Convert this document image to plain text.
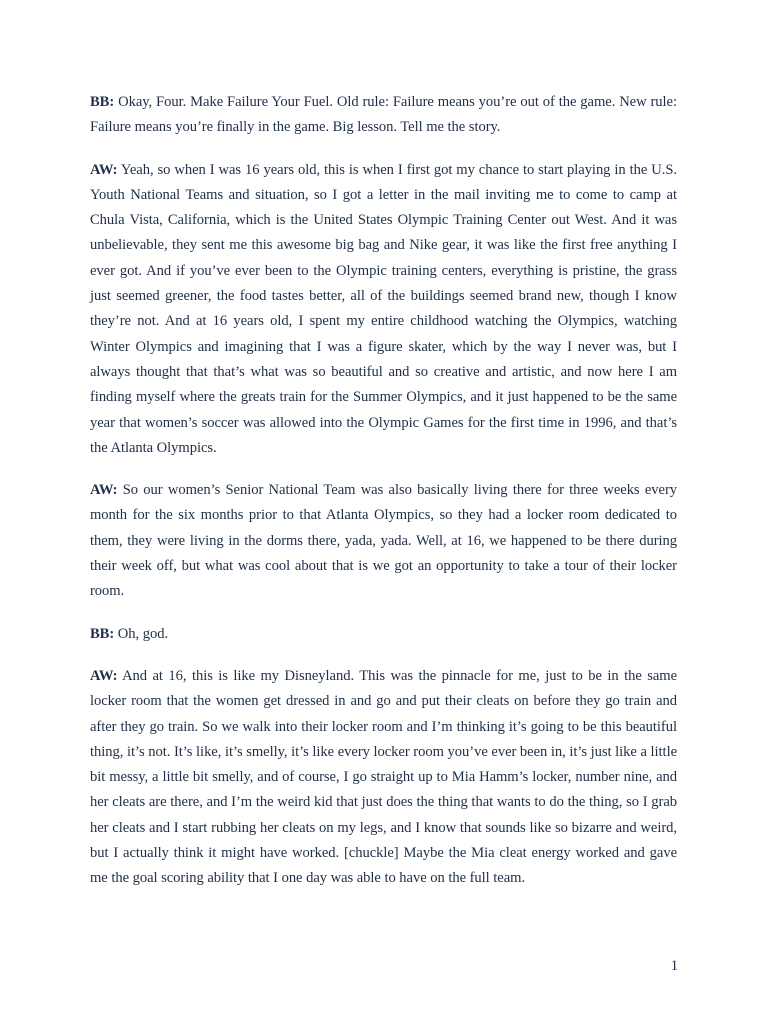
BB: Okay, Four. Make Failure Your Fuel. Old rule: Failure means you’re out of the game. New rule: Failure means you’re finally in the game. Big lesson. Tell me the story.

AW: Yeah, so when I was 16 years old, this is when I first got my chance to start playing in the U.S. Youth National Teams and situation, so I got a letter in the mail inviting me to come to camp at Chula Vista, California, which is the United States Olympic Training Center out West. And it was unbelievable, they sent me this awesome big bag and Nike gear, it was like the first free anything I ever got. And if you’ve ever been to the Olympic training centers, everything is pristine, the grass just seemed greener, the food tastes better, all of the buildings seemed brand new, though I know they’re not. And at 16 years old, I spent my entire childhood watching the Olympics, watching Winter Olympics and imagining that I was a figure skater, which by the way I never was, but I always thought that that’s what was so beautiful and so creative and artistic, and now here I am finding myself where the greats train for the Summer Olympics, and it just happened to be the same year that women’s soccer was allowed into the Olympic Games for the first time in 1996, and that’s the Atlanta Olympics.

AW: So our women’s Senior National Team was also basically living there for three weeks every month for the six months prior to that Atlanta Olympics, so they had a locker room dedicated to them, they were living in the dorms there, yada, yada. Well, at 16, we happened to be there during their week off, but what was cool about that is we got an opportunity to take a tour of their locker room.

BB: Oh, god.

AW: And at 16, this is like my Disneyland. This was the pinnacle for me, just to be in the same locker room that the women get dressed in and go and put their cleats on before they go train and after they go train. So we walk into their locker room and I’m thinking it’s going to be this beautiful thing, it’s not. It’s like, it’s smelly, it’s like every locker room you’ve ever been in, it’s just like a little bit messy, a little bit smelly, and of course, I go straight up to Mia Hamm’s locker, number nine, and her cleats are there, and I’m the weird kid that just does the thing that wants to do the thing, so I grab her cleats and I start rubbing her cleats on my legs, and I know that sounds like so bizarre and weird, but I actually think it might have worked. [chuckle] Maybe the Mia cleat energy worked and gave me the goal scoring ability that I one day was able to have on the full team.

1
